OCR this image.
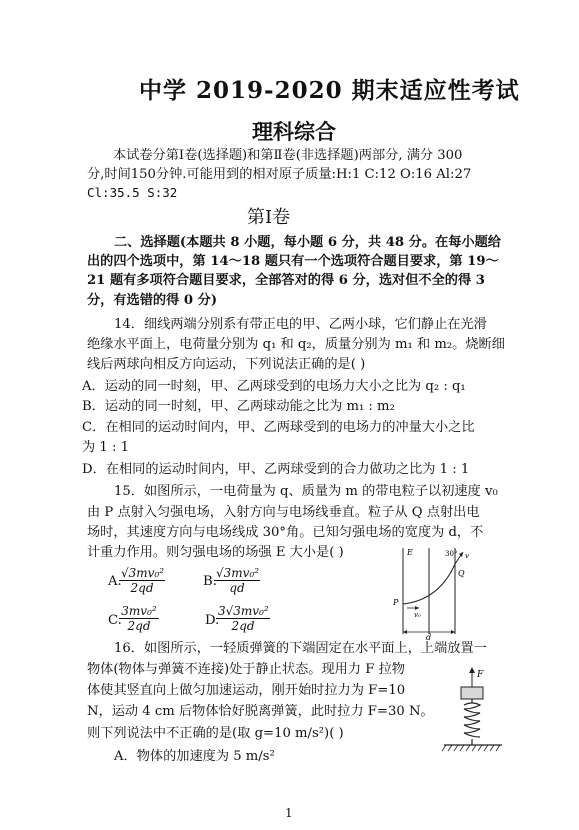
中学 2019-2020 期末适应性考试
理科综合
本试卷分第Ⅰ卷(选择题)和第Ⅱ卷(非选择题)两部分, 满分 300
分,时间150分钟.可能用到的相对原子质量:H:1 C:12 O:16 Al:27
Cl:35.5 S:32
第Ⅰ卷
二、选择题(本题共 8 小题，每小题 6 分，共 48 分。在每小题给
出的四个选项中，第 14～18 题只有一个选项符合题目要求，第 19～
21 题有多项符合题目要求，全部答对的得 6 分，选对但不全的得 3
分，有选错的得 0 分)
14．细线两端分别系有带正电的甲、乙两小球，它们静止在光滑
绝缘水平面上，电荷量分别为 q₁ 和 q₂，质量分别为 m₁ 和 m₂。烧断细
线后两球向相反方向运动，下列说法正确的是( )
A．运动的同一时刻，甲、乙两球受到的电场力大小之比为 q₂ : q₁
B．运动的同一时刻，甲、乙两球动能之比为 m₁ : m₂
C．在相同的运动时间内，甲、乙两球受到的电场力的冲量大小之比
为 1 : 1
D．在相同的运动时间内，甲、乙两球受到的合力做功之比为 1 : 1
15．如图所示，一电荷量为 q、质量为 m 的带电粒子以初速度 v₀
由 P 点射入匀强电场，入射方向与电场线垂直。粒子从 Q 点射出电
场时，其速度方向与电场线成 30°角。已知匀强电场的宽度为 d，不
计重力作用。则匀强电场的场强 E 大小是( )
A.
$\frac{\text{√3mv₀²}}{2qd}$	B.
$\frac{\text{√3mv₀²}}{qd}$
C.
$\frac{\text{3mv₀²}}{2qd}$	D.
$\frac{\text{3√3mv₀²}}{2qd}$
E	30° v
Q
P
v₀
d
16．如图所示，一轻质弹簧的下端固定在水平面上，上端放置一
物体(物体与弹簧不连接)处于静止状态。现用力 F 拉物
体使其竖直向上做匀加速运动，刚开始时拉力为 F=10
N，运动 4 cm 后物体恰好脱离弹簧，此时拉力 F=30 N。
则下列说法中不正确的是(取 g=10 m/s²)( )
A．物体的加速度为 5 m/s²
F
1
